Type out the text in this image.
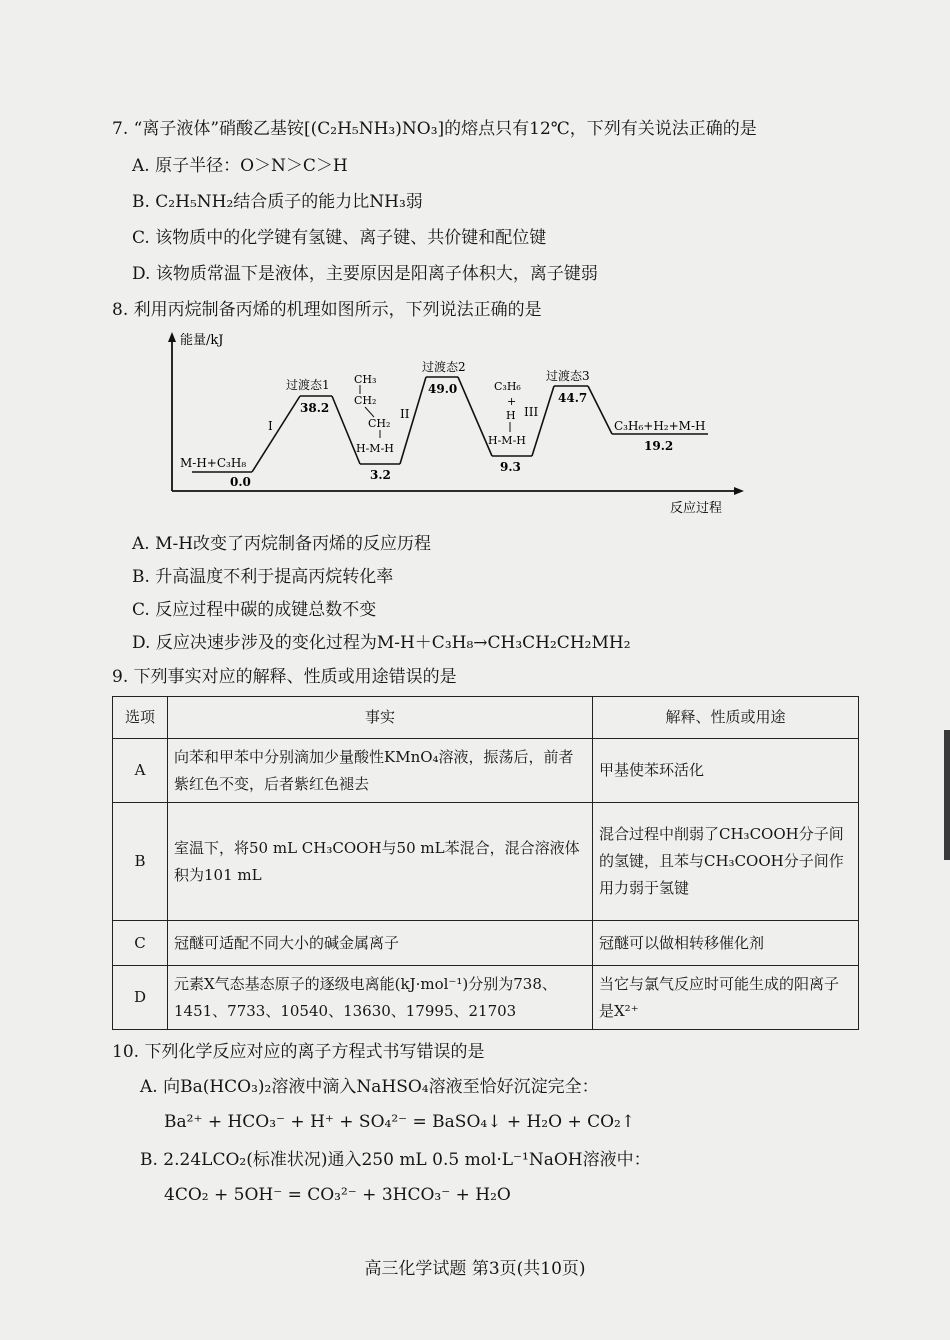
7. “离子液体”硝酸乙基铵[(C₂H₅NH₃)NO₃]的熔点只有12℃，下列有关说法正确的是
A. 原子半径：O＞N＞C＞H
B. C₂H₅NH₂结合质子的能力比NH₃弱
C. 该物质中的化学键有氢键、离子键、共价键和配位键
D. 该物质常温下是液体，主要原因是阳离子体积大，离子键弱
8. 利用丙烷制备丙烯的机理如图所示，下列说法正确的是
能量/kJ
反应过程
M-H+C₃H₈
0.0
过渡态1
38.2
CH₃
CH₂
CH₂
H-M-H
3.2
I
II	III
过渡态2
49.0	C₃H₆
+
H
H-M-H
9.3
过渡态3
44.7
C₃H₆+H₂+M-H
19.2
A. M-H改变了丙烷制备丙烯的反应历程
B. 升高温度不利于提高丙烷转化率
C. 反应过程中碳的成键总数不变
D. 反应决速步涉及的变化过程为M-H＋C₃H₈→CH₃CH₂CH₂MH₂
9. 下列事实对应的解释、性质或用途错误的是
选项	事实	解释、性质或用途
A	向苯和甲苯中分别滴加少量酸性KMnO₄溶液，振荡后，前者紫红色不变，后者紫红色褪去	甲基使苯环活化
B	室温下，将50 mL CH₃COOH与50 mL苯混合，混合溶液体积为101 mL	混合过程中削弱了CH₃COOH分子间的氢键，且苯与CH₃COOH分子间作用力弱于氢键
C	冠醚可适配不同大小的碱金属离子	冠醚可以做相转移催化剂
D	元素X气态基态原子的逐级电离能(kJ·mol⁻¹)分别为738、1451、7733、10540、13630、17995、21703	当它与氯气反应时可能生成的阳离子是X²⁺
10. 下列化学反应对应的离子方程式书写错误的是
A. 向Ba(HCO₃)₂溶液中滴入NaHSO₄溶液至恰好沉淀完全：
Ba²⁺ + HCO₃⁻ + H⁺ + SO₄²⁻ = BaSO₄↓ + H₂O + CO₂↑
B. 2.24LCO₂(标准状况)通入250 mL 0.5 mol·L⁻¹NaOH溶液中：
4CO₂ + 5OH⁻ = CO₃²⁻ + 3HCO₃⁻ + H₂O
高三化学试题 第3页(共10页)
